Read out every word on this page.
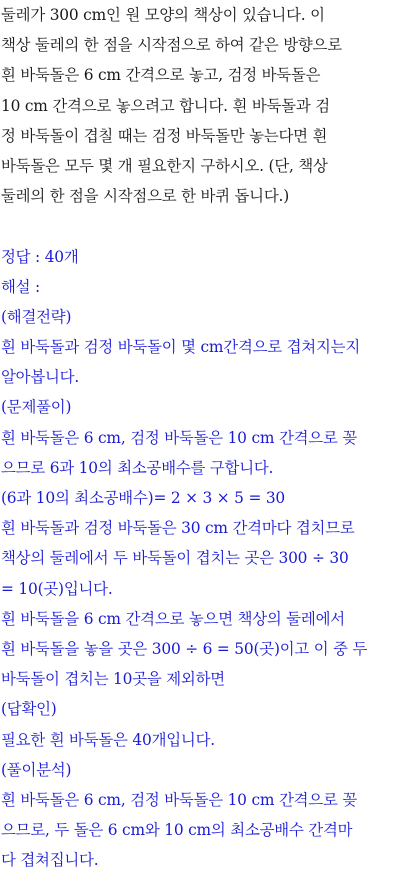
둘레가 300 cm인 원 모양의 책상이 있습니다. 이
책상 둘레의 한 점을 시작점으로 하여 같은 방향으로
흰 바둑돌은 6 cm 간격으로 놓고, 검정 바둑돌은
10 cm 간격으로 놓으려고 합니다. 흰 바둑돌과 검
정 바둑돌이 겹칠 때는 검정 바둑돌만 놓는다면 흰
바둑돌은 모두 몇 개 필요한지 구하시오. (단, 책상
둘레의 한 점을 시작점으로 한 바퀴 돕니다.)
정답 : 40개
해설 :
(해결전략)
흰 바둑돌과 검정 바둑돌이 몇 cm간격으로 겹쳐지는지
알아봅니다.
(문제풀이)
흰 바둑돌은 6 cm, 검정 바둑돌은 10 cm 간격으로 꽂
으므로 6과 10의 최소공배수를 구합니다.
(6과 10의 최소공배수)= 2 × 3 × 5 = 30
흰 바둑돌과 검정 바둑돌은 30 cm 간격마다 겹치므로
책상의 둘레에서 두 바둑돌이 겹치는 곳은 300 ÷ 30
= 10(곳)입니다.
흰 바둑돌을 6 cm 간격으로 놓으면 책상의 둘레에서
흰 바둑돌을 놓을 곳은 300 ÷ 6 = 50(곳)이고 이 중 두
바둑돌이 겹치는 10곳을 제외하면
(답확인)
필요한 흰 바둑돌은 40개입니다.
(풀이분석)
흰 바둑돌은 6 cm, 검정 바둑돌은 10 cm 간격으로 꽂
으므로, 두 돌은 6 cm와 10 cm의 최소공배수 간격마
다 겹쳐집니다.
